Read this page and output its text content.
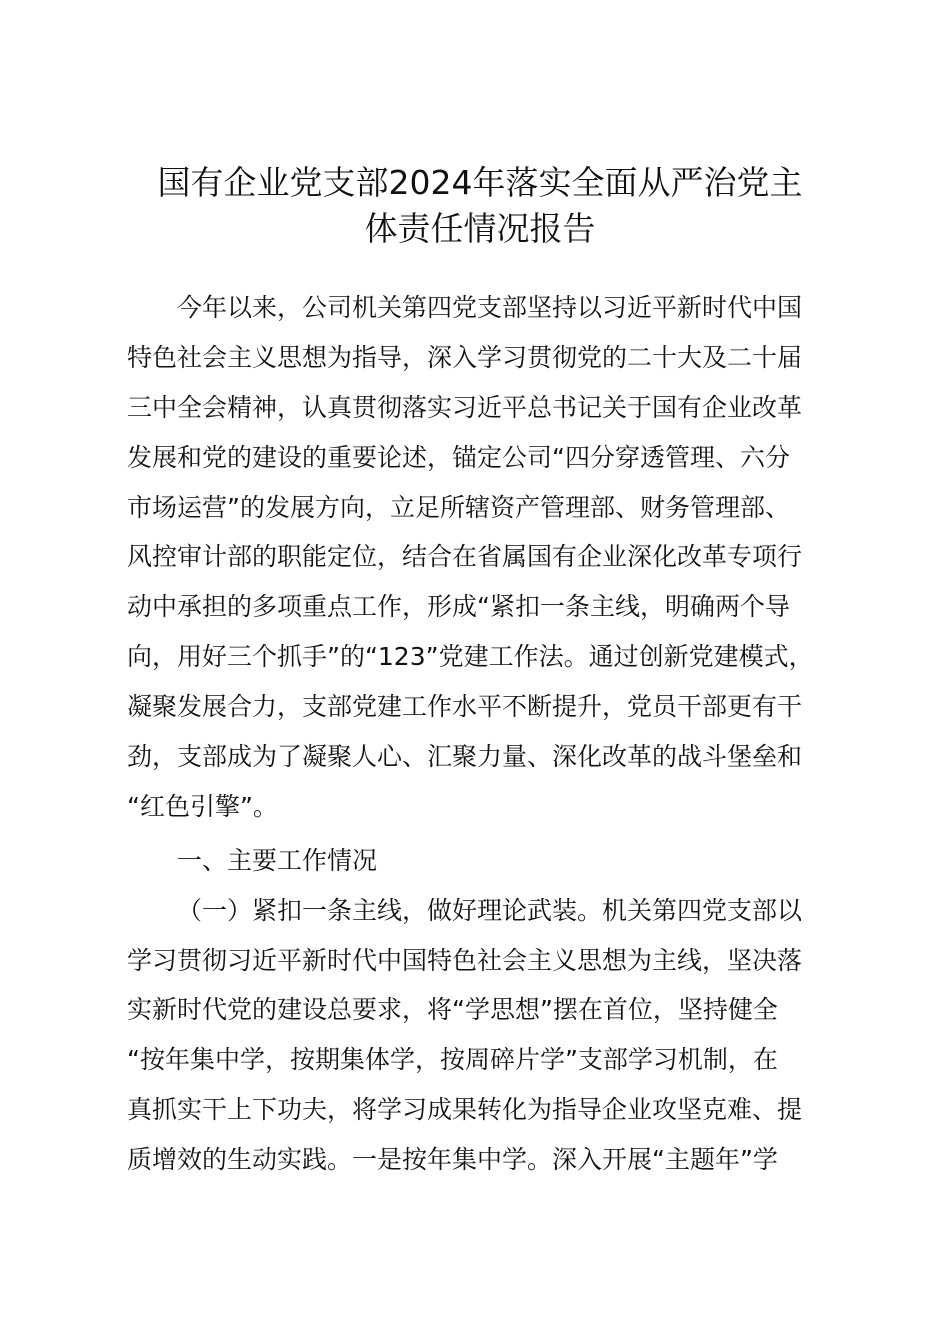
国有企业党支部2024年落实全面从严治党主
体责任情况报告
今年以来，公司机关第四党支部坚持以习近平新时代中国
特色社会主义思想为指导，深入学习贯彻党的二十大及二十届
三中全会精神，认真贯彻落实习近平总书记关于国有企业改革
发展和党的建设的重要论述，锚定公司“四分穿透管理、六分
市场运营”的发展方向，立足所辖资产管理部、财务管理部、
风控审计部的职能定位，结合在省属国有企业深化改革专项行
动中承担的多项重点工作，形成“紧扣一条主线，明确两个导
向，用好三个抓手”的“123”党建工作法。通过创新党建模式，
凝聚发展合力，支部党建工作水平不断提升，党员干部更有干
劲，支部成为了凝聚人心、汇聚力量、深化改革的战斗堡垒和
“红色引擎”。
一、主要工作情况
（一）紧扣一条主线，做好理论武装。机关第四党支部以
学习贯彻习近平新时代中国特色社会主义思想为主线，坚决落
实新时代党的建设总要求，将“学思想”摆在首位，坚持健全
“按年集中学，按期集体学，按周碎片学”支部学习机制，在
真抓实干上下功夫，将学习成果转化为指导企业攻坚克难、提
质增效的生动实践。一是按年集中学。深入开展“主题年”学
